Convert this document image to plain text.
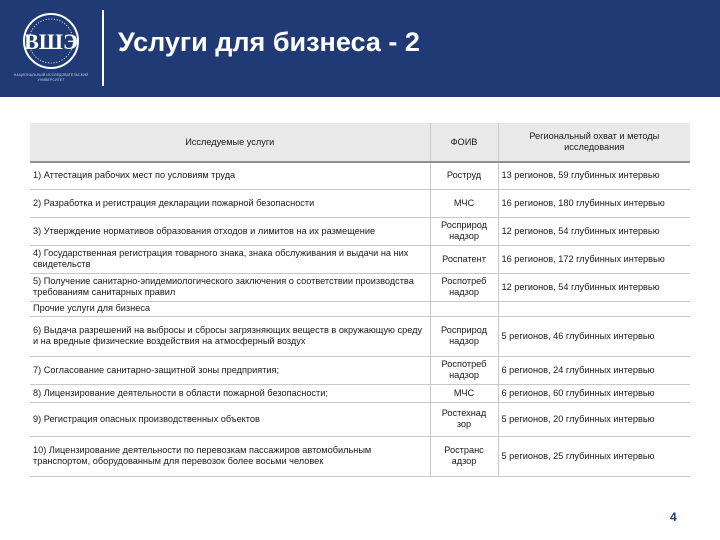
ВШЭ
НАЦИОНАЛЬНЫЙ ИССЛЕДОВАТЕЛЬСКИЙ УНИВЕРСИТЕТ
Услуги для бизнеса - 2
Исследуемые услуги	ФОИВ	Региональный охват и методы исследования
1) Аттестация рабочих мест по условиям труда	Роструд	13 регионов, 59 глубинных интервью
2) Разработка и регистрация декларации пожарной безопасности	МЧС	16 регионов, 180 глубинных интервью
3) Утверждение нормативов образования отходов и лимитов на их размещение	Росприрод надзор	12 регионов, 54 глубинных интервью
4) Государственная регистрация товарного знака, знака обслуживания и выдачи на них свидетельств	Роспатент	16 регионов, 172 глубинных интервью
5) Получение санитарно-эпидемиологического заключения о соответствии производства требованиям санитарных правил	Роспотреб надзор	12 регионов, 54 глубинных интервью
Прочие услуги для бизнеса		
6) Выдача разрешений на выбросы и сбросы загрязняющих веществ в окружающую среду и на вредные физические воздействия на атмосферный воздух	Росприрод надзор	5 регионов, 46 глубинных интервью
7) Согласование санитарно-защитной зоны предприятия;	Роспотреб надзор	6 регионов, 24 глубинных интервью
8) Лицензирование деятельности в области пожарной безопасности;	МЧС	6 регионов, 60 глубинных интервью
9) Регистрация опасных производственных объектов	Ростехнад зор	5 регионов, 20 глубинных интервью
10) Лицензирование деятельности по перевозкам пассажиров автомобильным транспортом, оборудованным для перевозок более восьми человек	Ространс адзор	5 регионов, 25 глубинных интервью
4
